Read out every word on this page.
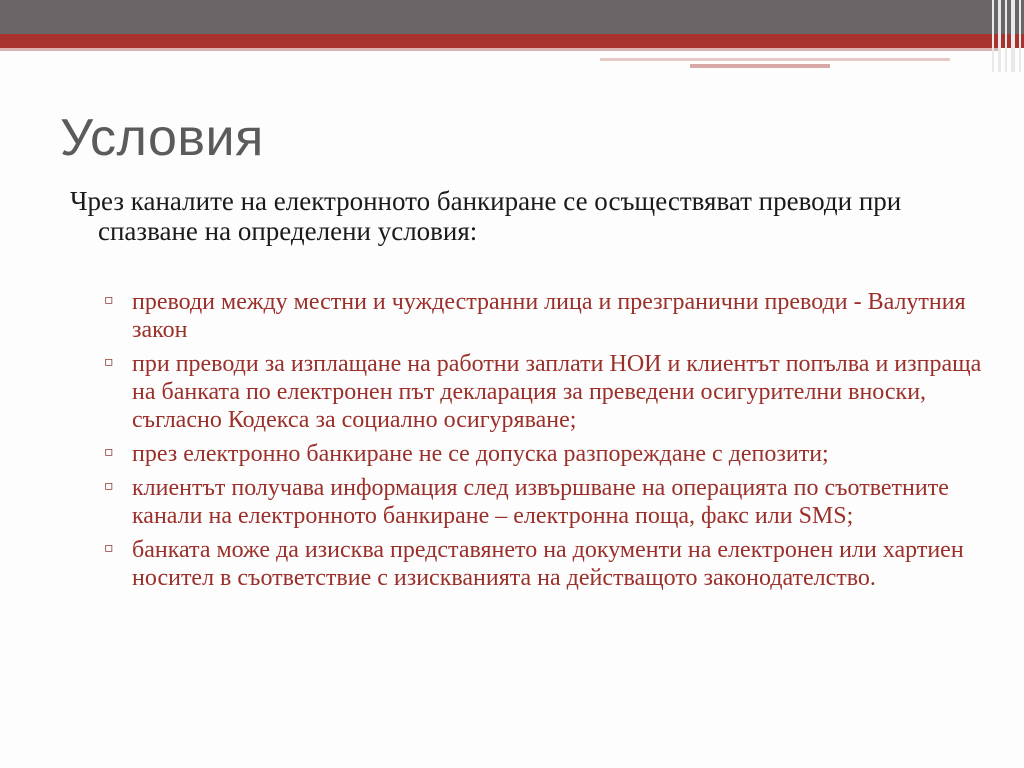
Условия
Чрез каналите на електронното банкиране се осъществяват преводи при спазване на определени условия:
▫ преводи между местни и чуждестранни лица и презгранични преводи - Валутния закон
▫ при преводи за изплащане на работни заплати НОИ и клиентът попълва и изпраща на банката по електронен път декларация за преведени осигурителни вноски, съгласно Кодекса за социално осигуряване;
▫ през електронно банкиране не се допуска разпореждане с депозити;
▫ клиентът получава информация след извършване на операцията по съответните канали на електронното банкиране – електронна поща, факс или SMS;
▫ банката може да изисква представянето на документи на електронен или хартиен носител в съответствие с изискванията на действащото законодателство.
